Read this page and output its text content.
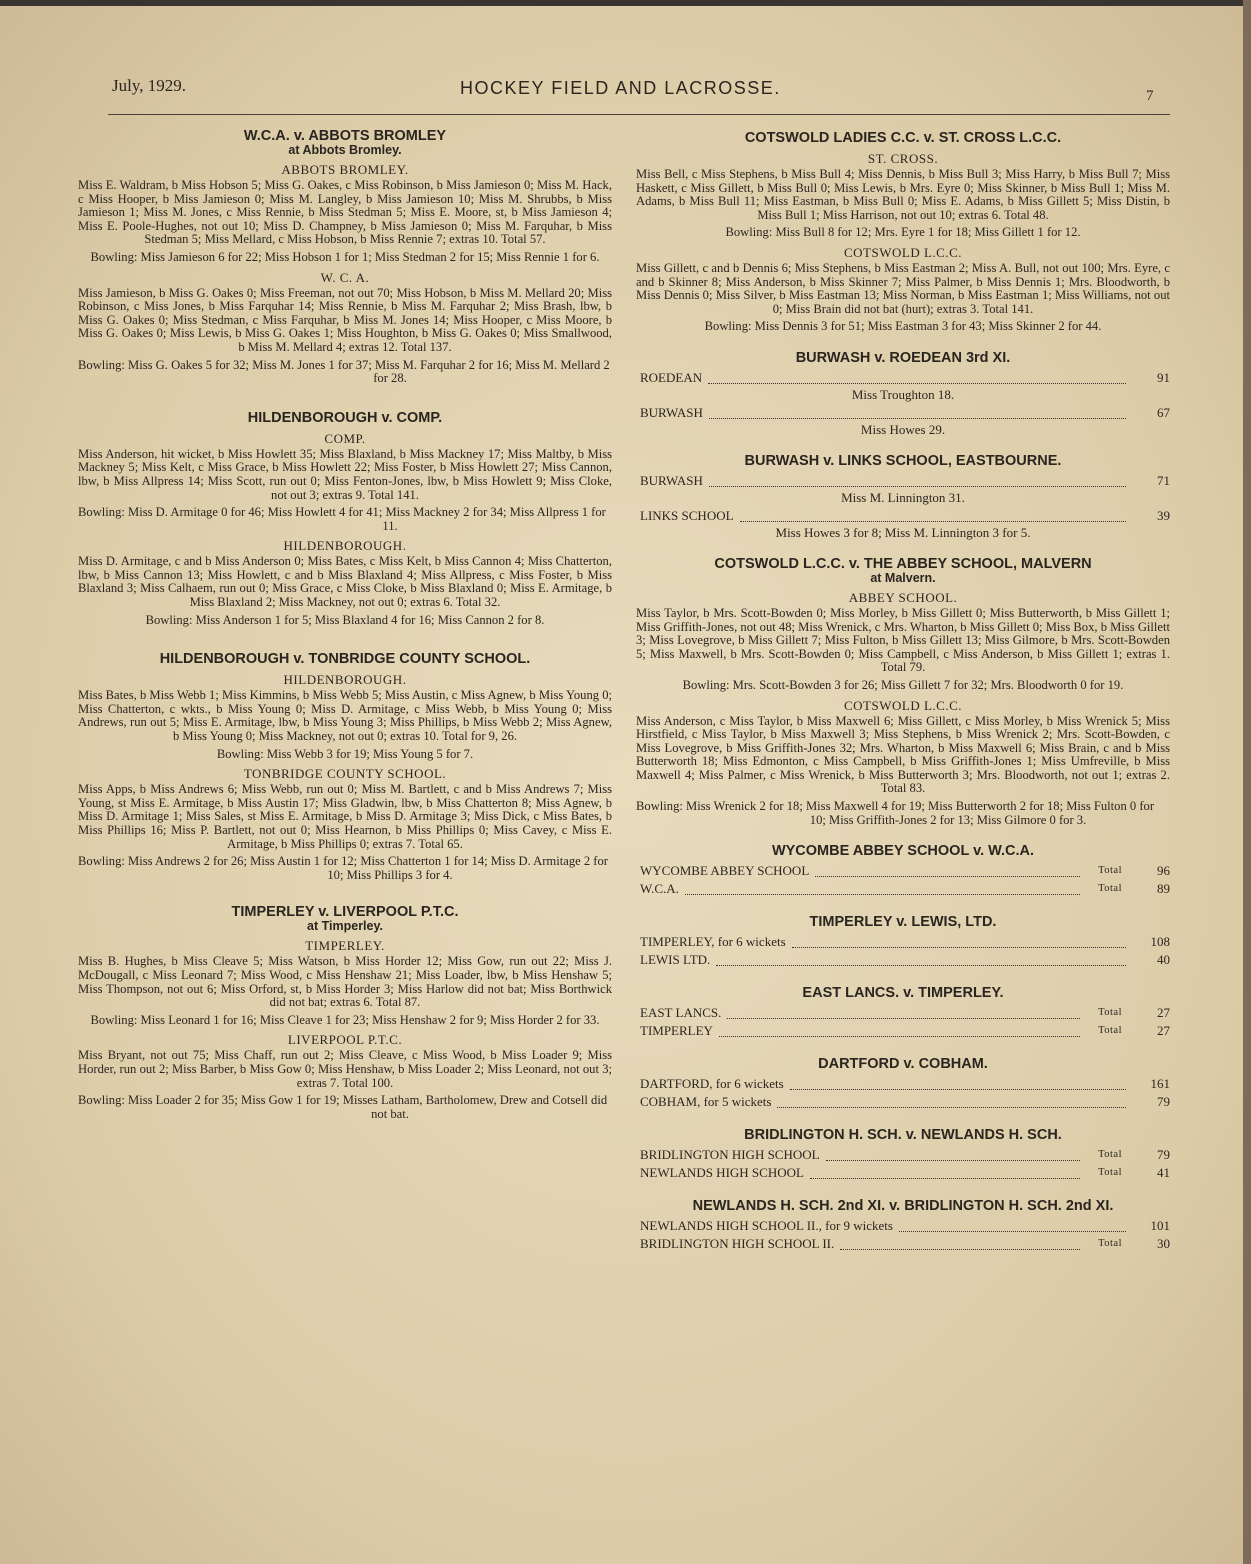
July, 1929.	HOCKEY FIELD AND LACROSSE.	7
W.C.A. v. ABBOTS BROMLEY
at Abbots Bromley.
ABBOTS BROMLEY.

Miss E. Waldram, b Miss Hobson 5; Miss G. Oakes, c Miss Robinson, b Miss Jamieson 0; Miss M. Hack, c Miss Hooper, b Miss Jamieson 0; Miss M. Langley, b Miss Jamieson 10; Miss M. Shrubbs, b Miss Jamieson 1; Miss M. Jones, c Miss Rennie, b Miss Stedman 5; Miss E. Moore, st, b Miss Jamieson 4; Miss E. Poole-Hughes, not out 10; Miss D. Champney, b Miss Jamieson 0; Miss M. Farquhar, b Miss Stedman 5; Miss Mellard, c Miss Hobson, b Miss Rennie 7; extras 10. Total 57.

Bowling: Miss Jamieson 6 for 22; Miss Hobson 1 for 1; Miss Stedman 2 for 15; Miss Rennie 1 for 6.

W. C. A.

Miss Jamieson, b Miss G. Oakes 0; Miss Freeman, not out 70; Miss Hobson, b Miss M. Mellard 20; Miss Robinson, c Miss Jones, b Miss Farquhar 14; Miss Rennie, b Miss M. Farquhar 2; Miss Brash, lbw, b Miss G. Oakes 0; Miss Stedman, c Miss Farquhar, b Miss M. Jones 14; Miss Hooper, c Miss Moore, b Miss G. Oakes 0; Miss Lewis, b Miss G. Oakes 1; Miss Houghton, b Miss G. Oakes 0; Miss Smallwood, b Miss M. Mellard 4; extras 12. Total 137.

Bowling: Miss G. Oakes 5 for 32; Miss M. Jones 1 for 37; Miss M. Farquhar 2 for 16; Miss M. Mellard 2 for 28.

HILDENBOROUGH v. COMP.
COMP.

Miss Anderson, hit wicket, b Miss Howlett 35; Miss Blaxland, b Miss Mackney 17; Miss Maltby, b Miss Mackney 5; Miss Kelt, c Miss Grace, b Miss Howlett 22; Miss Foster, b Miss Howlett 27; Miss Cannon, lbw, b Miss Allpress 14; Miss Scott, run out 0; Miss Fenton-Jones, lbw, b Miss Howlett 9; Miss Cloke, not out 3; extras 9. Total 141.

Bowling: Miss D. Armitage 0 for 46; Miss Howlett 4 for 41; Miss Mackney 2 for 34; Miss Allpress 1 for 11.

HILDENBOROUGH.

Miss D. Armitage, c and b Miss Anderson 0; Miss Bates, c Miss Kelt, b Miss Cannon 4; Miss Chatterton, lbw, b Miss Cannon 13; Miss Howlett, c and b Miss Blaxland 4; Miss Allpress, c Miss Foster, b Miss Blaxland 3; Miss Calhaem, run out 0; Miss Grace, c Miss Cloke, b Miss Blaxland 0; Miss E. Armitage, b Miss Blaxland 2; Miss Mackney, not out 0; extras 6. Total 32.

Bowling: Miss Anderson 1 for 5; Miss Blaxland 4 for 16; Miss Cannon 2 for 8.

HILDENBOROUGH v. TONBRIDGE COUNTY SCHOOL.
HILDENBOROUGH.

Miss Bates, b Miss Webb 1; Miss Kimmins, b Miss Webb 5; Miss Austin, c Miss Agnew, b Miss Young 0; Miss Chatterton, c wkts., b Miss Young 0; Miss D. Armitage, c Miss Webb, b Miss Young 0; Miss Andrews, run out 5; Miss E. Armitage, lbw, b Miss Young 3; Miss Phillips, b Miss Webb 2; Miss Agnew, b Miss Young 0; Miss Mackney, not out 0; extras 10. Total for 9, 26.

Bowling: Miss Webb 3 for 19; Miss Young 5 for 7.

TONBRIDGE COUNTY SCHOOL.

Miss Apps, b Miss Andrews 6; Miss Webb, run out 0; Miss M. Bartlett, c and b Miss Andrews 7; Miss Young, st Miss E. Armitage, b Miss Austin 17; Miss Gladwin, lbw, b Miss Chatterton 8; Miss Agnew, b Miss D. Armitage 1; Miss Sales, st Miss E. Armitage, b Miss D. Armitage 3; Miss Dick, c Miss Bates, b Miss Phillips 16; Miss P. Bartlett, not out 0; Miss Hearnon, b Miss Phillips 0; Miss Cavey, c Miss E. Armitage, b Miss Phillips 0; extras 7. Total 65.

Bowling: Miss Andrews 2 for 26; Miss Austin 1 for 12; Miss Chatterton 1 for 14; Miss D. Armitage 2 for 10; Miss Phillips 3 for 4.

TIMPERLEY v. LIVERPOOL P.T.C.
at Timperley.
TIMPERLEY.

Miss B. Hughes, b Miss Cleave 5; Miss Watson, b Miss Horder 12; Miss Gow, run out 22; Miss J. McDougall, c Miss Leonard 7; Miss Wood, c Miss Henshaw 21; Miss Loader, lbw, b Miss Henshaw 5; Miss Thompson, not out 6; Miss Orford, st, b Miss Horder 3; Miss Harlow did not bat; Miss Borthwick did not bat; extras 6. Total 87.

Bowling: Miss Leonard 1 for 16; Miss Cleave 1 for 23; Miss Henshaw 2 for 9; Miss Horder 2 for 33.

LIVERPOOL P.T.C.

Miss Bryant, not out 75; Miss Chaff, run out 2; Miss Cleave, c Miss Wood, b Miss Loader 9; Miss Horder, run out 2; Miss Barber, b Miss Gow 0; Miss Henshaw, b Miss Loader 2; Miss Leonard, not out 3; extras 7. Total 100.

Bowling: Miss Loader 2 for 35; Miss Gow 1 for 19; Misses Latham, Bartholomew, Drew and Cotsell did not bat.

COTSWOLD LADIES C.C. v. ST. CROSS L.C.C.
ST. CROSS.

Miss Bell, c Miss Stephens, b Miss Bull 4; Miss Dennis, b Miss Bull 3; Miss Harry, b Miss Bull 7; Miss Haskett, c Miss Gillett, b Miss Bull 0; Miss Lewis, b Mrs. Eyre 0; Miss Skinner, b Miss Bull 1; Miss M. Adams, b Miss Bull 11; Miss Eastman, b Miss Bull 0; Miss E. Adams, b Miss Gillett 5; Miss Distin, b Miss Bull 1; Miss Harrison, not out 10; extras 6. Total 48.

Bowling: Miss Bull 8 for 12; Mrs. Eyre 1 for 18; Miss Gillett 1 for 12.

COTSWOLD L.C.C.

Miss Gillett, c and b Dennis 6; Miss Stephens, b Miss Eastman 2; Miss A. Bull, not out 100; Mrs. Eyre, c and b Skinner 8; Miss Anderson, b Miss Skinner 7; Miss Palmer, b Miss Dennis 1; Mrs. Bloodworth, b Miss Dennis 0; Miss Silver, b Miss Eastman 13; Miss Norman, b Miss Eastman 1; Miss Williams, not out 0; Miss Brain did not bat (hurt); extras 3. Total 141.

Bowling: Miss Dennis 3 for 51; Miss Eastman 3 for 43; Miss Skinner 2 for 44.

BURWASH v. ROEDEAN 3rd XI.
ROEDEAN	91
Miss Troughton 18.
BURWASH	67
Miss Howes 29.
BURWASH v. LINKS SCHOOL, EASTBOURNE.
BURWASH	71
Miss M. Linnington 31.
LINKS SCHOOL	39
Miss Howes 3 for 8; Miss M. Linnington 3 for 5.
COTSWOLD L.C.C. v. THE ABBEY SCHOOL, MALVERN
at Malvern.
ABBEY SCHOOL.

Miss Taylor, b Mrs. Scott-Bowden 0; Miss Morley, b Miss Gillett 0; Miss Butterworth, b Miss Gillett 1; Miss Griffith-Jones, not out 48; Miss Wrenick, c Mrs. Wharton, b Miss Gillett 0; Miss Box, b Miss Gillett 3; Miss Lovegrove, b Miss Gillett 7; Miss Fulton, b Miss Gillett 13; Miss Gilmore, b Mrs. Scott-Bowden 5; Miss Maxwell, b Mrs. Scott-Bowden 0; Miss Campbell, c Miss Anderson, b Miss Gillett 1; extras 1. Total 79.

Bowling: Mrs. Scott-Bowden 3 for 26; Miss Gillett 7 for 32; Mrs. Bloodworth 0 for 19.

COTSWOLD L.C.C.

Miss Anderson, c Miss Taylor, b Miss Maxwell 6; Miss Gillett, c Miss Morley, b Miss Wrenick 5; Miss Hirstfield, c Miss Taylor, b Miss Maxwell 3; Miss Stephens, b Miss Wrenick 2; Mrs. Scott-Bowden, c Miss Lovegrove, b Miss Griffith-Jones 32; Mrs. Wharton, b Miss Maxwell 6; Miss Brain, c and b Miss Butterworth 18; Miss Edmonton, c Miss Campbell, b Miss Griffith-Jones 1; Miss Umfreville, b Miss Maxwell 4; Miss Palmer, c Miss Wrenick, b Miss Butterworth 3; Mrs. Bloodworth, not out 1; extras 2. Total 83.

Bowling: Miss Wrenick 2 for 18; Miss Maxwell 4 for 19; Miss Butterworth 2 for 18; Miss Fulton 0 for 10; Miss Griffith-Jones 2 for 13; Miss Gilmore 0 for 3.

WYCOMBE ABBEY SCHOOL v. W.C.A.
WYCOMBE ABBEY SCHOOL	Total	96
W.C.A.	Total	89
TIMPERLEY v. LEWIS, LTD.
TIMPERLEY, for 6 wickets	108
LEWIS LTD.	40
EAST LANCS. v. TIMPERLEY.
EAST LANCS.	Total	27
TIMPERLEY	Total	27
DARTFORD v. COBHAM.
DARTFORD, for 6 wickets	161
COBHAM, for 5 wickets	79
BRIDLINGTON H. SCH. v. NEWLANDS H. SCH.
BRIDLINGTON HIGH SCHOOL	Total	79
NEWLANDS HIGH SCHOOL	Total	41
NEWLANDS H. SCH. 2nd XI. v. BRIDLINGTON H. SCH. 2nd XI.
NEWLANDS HIGH SCHOOL II., for 9 wickets	101
BRIDLINGTON HIGH SCHOOL II.	Total	30
